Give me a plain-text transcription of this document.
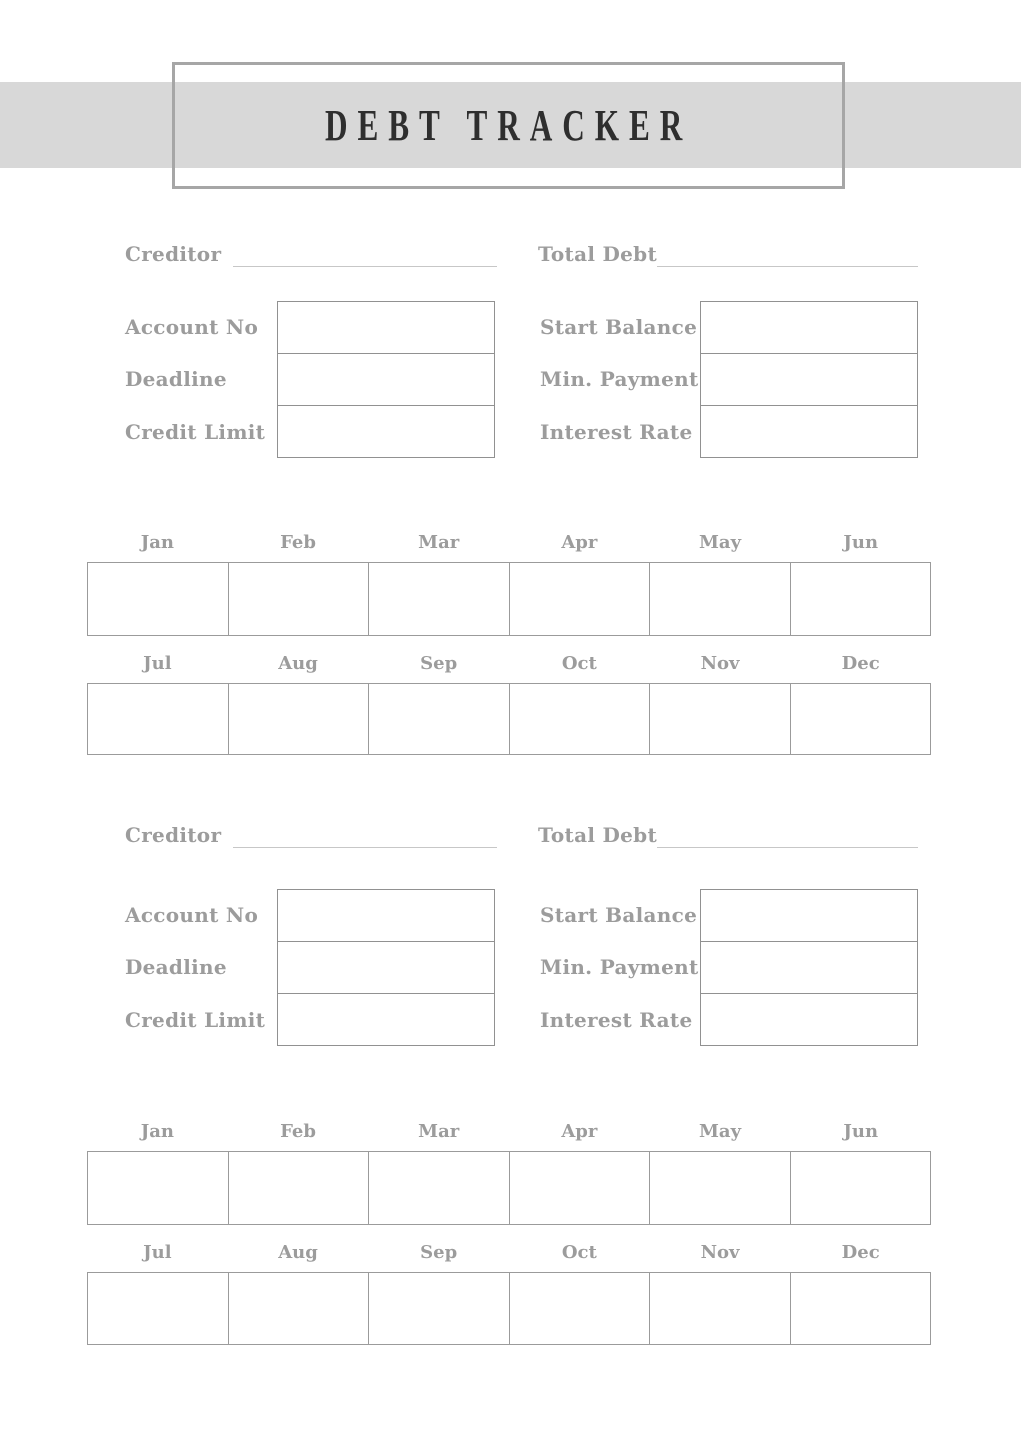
DEBT TRACKER
Creditor	Total Debt
Account No
Deadline
Credit Limit
Start Balance
Min. Payment
Interest Rate
Jan	Feb	Mar	Apr	May	Jun
Jul	Aug	Sep	Oct	Nov	Dec
Creditor	Total Debt
Account No
Deadline
Credit Limit
Start Balance
Min. Payment
Interest Rate
Jan	Feb	Mar	Apr	May	Jun
Jul	Aug	Sep	Oct	Nov	Dec
